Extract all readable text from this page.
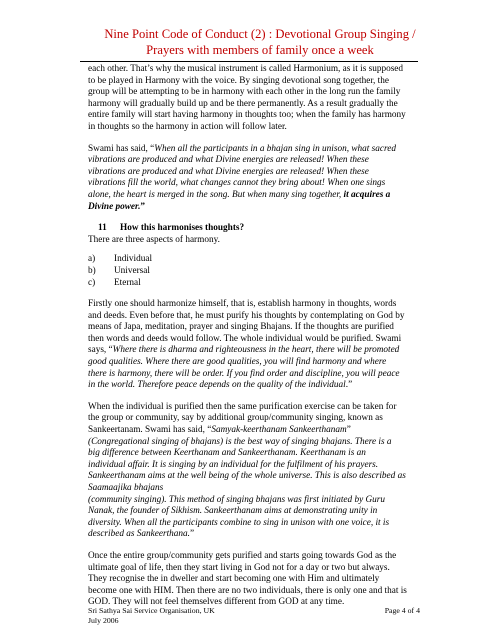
Nine Point Code of Conduct (2) : Devotional Group Singing /
Prayers with members of family once a week

each other. That’s why the musical instrument is called Harmonium, as it is supposed
to be played in Harmony with the voice. By singing devotional song together, the
group will be attempting to be in harmony with each other in the long run the family
harmony will gradually build up and be there permanently. As a result gradually the
entire family will start having harmony in thoughts too; when the family has harmony
in thoughts so the harmony in action will follow later.

Swami has said, “When all the participants in a bhajan sing in unison, what sacred
vibrations are produced and what Divine energies are released! When these
vibrations are produced and what Divine energies are released! When these
vibrations fill the world, what changes cannot they bring about! When one sings
alone, the heart is merged in the song. But when many sing together, it acquires a
Divine power.”

11 How this harmonises thoughts?
There are three aspects of harmony.
a) Individual
b) Universal
c) Eternal

Firstly one should harmonize himself, that is, establish harmony in thoughts, words
and deeds. Even before that, he must purify his thoughts by contemplating on God by
means of Japa, meditation, prayer and singing Bhajans. If the thoughts are purified
then words and deeds would follow. The whole individual would be purified. Swami
says, “Where there is dharma and righteousness in the heart, there will be promoted
good qualities. Where there are good qualities, you will find harmony and where
there is harmony, there will be order. If you find order and discipline, you will peace
in the world. Therefore peace depends on the quality of the individual.”

When the individual is purified then the same purification exercise can be taken for
the group or community, say by additional group/community singing, known as
Sankeertanam. Swami has said, “Samyak-keerthanam Sankeerthanam”
(Congregational singing of bhajans) is the best way of singing bhajans. There is a
big difference between Keerthanam and Sankeerthanam. Keerthanam is an
individual affair. It is singing by an individual for the fulfilment of his prayers.
Sankeerthanam aims at the well being of the whole universe. This is also described as
Saamaajika bhajans
(community singing). This method of singing bhajans was first initiated by Guru
Nanak, the founder of Sikhism. Sankeerthanam aims at demonstrating unity in
diversity. When all the participants combine to sing in unison with one voice, it is
described as Sankeerthana.”

Once the entire group/community gets purified and starts going towards God as the
ultimate goal of life, then they start living in God not for a day or two but always.
They recognise the in dweller and start becoming one with Him and ultimately
become one with HIM. Then there are no two individuals, there is only one and that is
GOD. They will not feel themselves different from GOD at any time.

Sri Sathya Sai Service Organisation, UK
July 2006
Page 4 of 4
